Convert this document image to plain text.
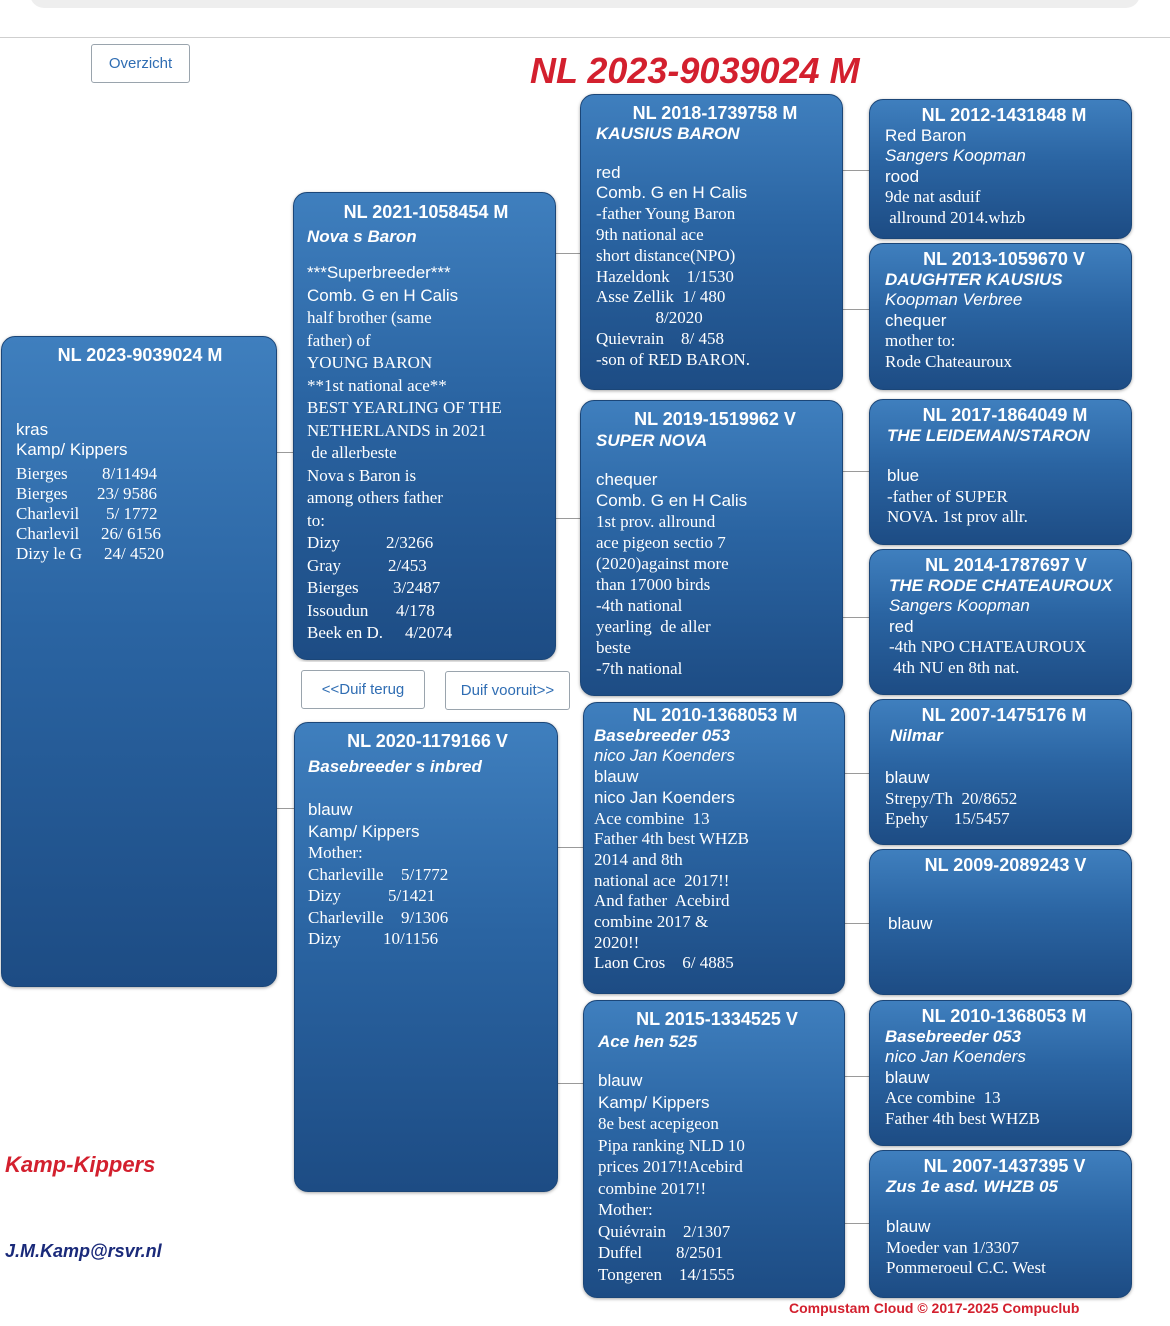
Overzicht	NL 2023-9039024 M
NL 2023-9039024 M
kras
Kamp/ Kippers
Bierges	8/11494
Bierges	23/ 9586
Charlevil	5/ 1772
Charlevil	26/ 6156
Dizy le G	24/ 4520
NL 2021-1058454 M
Nova s Baron
***Superbreeder***
Comb. G en H Calis
half brother (same
father) of
YOUNG BARON
**1st national ace**
BEST YEARLING OF THE
NETHERLANDS in 2021
de allerbeste
Nova s Baron is
among others father
to:
Dizy	2/3266
Gray	2/453
Bierges	3/2487
Issoudun	4/178
Beek en D.	4/2074
<<Duif terug	Duif vooruit>>
NL 2020-1179166 V
Basebreeder s inbred
blauw
Kamp/ Kippers
Mother:
Charleville	5/1772
Dizy	5/1421
Charleville	9/1306
Dizy	10/1156
NL 2018-1739758 M
KAUSIUS BARON
red
Comb. G en H Calis
-father Young Baron
9th national ace
short distance(NPO)
Hazeldonk    1/1530
Asse Zellik  1/ 480
8/2020
Quievrain    8/ 458
-son of RED BARON.
NL 2019-1519962 V
SUPER NOVA
chequer
Comb. G en H Calis
1st prov. allround
ace pigeon sectio 7
(2020)against more
than 17000 birds
-4th national
yearling  de aller
beste
-7th national
NL 2010-1368053 M
Basebreeder 053
nico Jan Koenders
blauw
nico Jan Koenders
Ace combine  13
Father 4th best WHZB
2014 and 8th
national ace  2017!!
And father  Acebird
combine 2017 &
2020!!
Laon Cros    6/ 4885
NL 2015-1334525 V
Ace hen 525
blauw
Kamp/ Kippers
8e best acepigeon
Pipa ranking NLD 10
prices 2017!!Acebird
combine 2017!!
Mother:
Quiévrain    2/1307
Duffel        8/2501
Tongeren    14/1555
NL 2012-1431848 M
Red Baron
Sangers Koopman
rood
9de nat asduif
allround 2014.whzb
NL 2013-1059670 V
DAUGHTER KAUSIUS
Koopman Verbree
chequer
mother to:
Rode Chateauroux
NL 2017-1864049 M
THE LEIDEMAN/STARON
blue
-father of SUPER
NOVA. 1st prov allr.
NL 2014-1787697 V
THE RODE CHATEAUROUX
Sangers Koopman
red
-4th NPO CHATEAUROUX
4th NU en 8th nat.
NL 2007-1475176 M
Nilmar
blauw
Strepy/Th  20/8652
Epehy      15/5457
NL 2009-2089243 V
blauw
NL 2010-1368053 M
Basebreeder 053
nico Jan Koenders
blauw
Ace combine  13
Father 4th best WHZB
NL 2007-1437395 V
Zus 1e asd. WHZB 05
blauw
Moeder van 1/3307
Pommeroeul C.C. West
Kamp-Kippers
J.M.Kamp@rsvr.nl
Compustam Cloud © 2017-2025 Compuclub
